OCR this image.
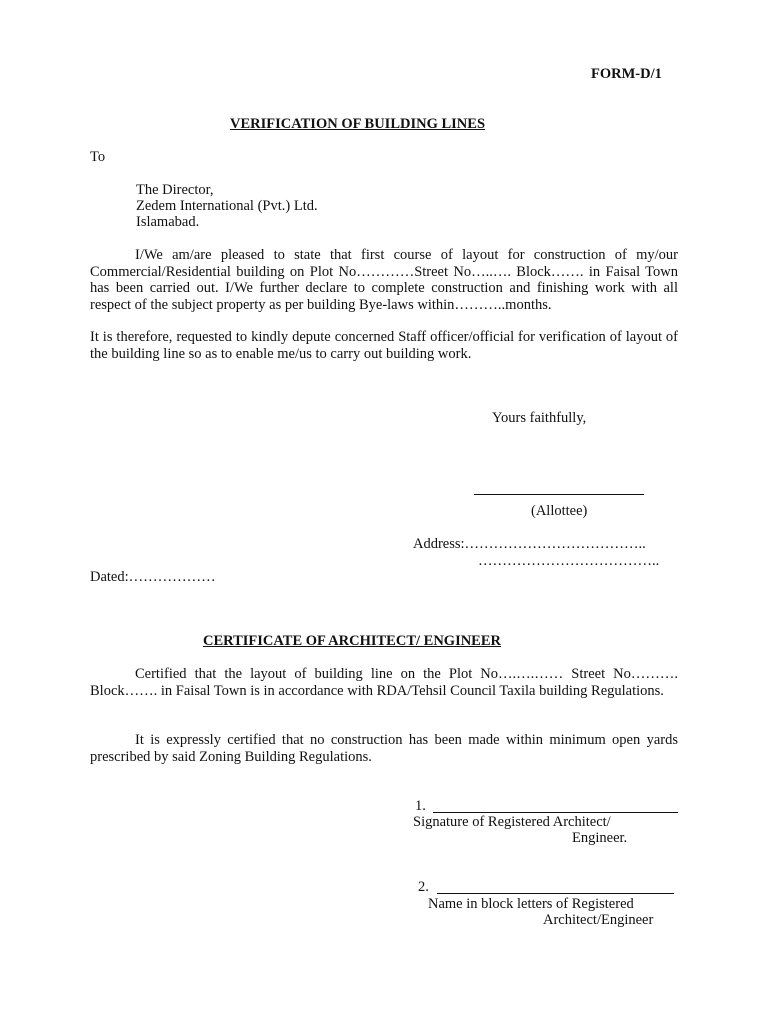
FORM-D/1

VERIFICATION OF BUILDING LINES

To

The Director,

Zedem International (Pvt.) Ltd.

Islamabad.

I/We am/are pleased to state that first course of layout for construction of my/our Commercial/Residential building on Plot No…………Street No…..…. Block……. in Faisal Town has been carried out. I/We further declare to complete construction and finishing work with all respect of the subject property as per building Bye-laws within………..months.

It is therefore, requested to kindly depute concerned Staff officer/official for verification of layout of the building line so as to enable me/us to carry out building work.

Yours faithfully,

(Allottee)

Address:………………………………..

………………………………..

Dated:………………

CERTIFICATE OF ARCHITECT/ ENGINEER

Certified that the layout of building line on the Plot No….….…… Street No………. Block……. in Faisal Town is in accordance with RDA/Tehsil Council Taxila building Regulations.

It is expressly certified that no construction has been made within minimum open yards prescribed by said Zoning Building Regulations.

1.

Signature of Registered Architect/

Engineer.

2.

Name in block letters of Registered

Architect/Engineer
